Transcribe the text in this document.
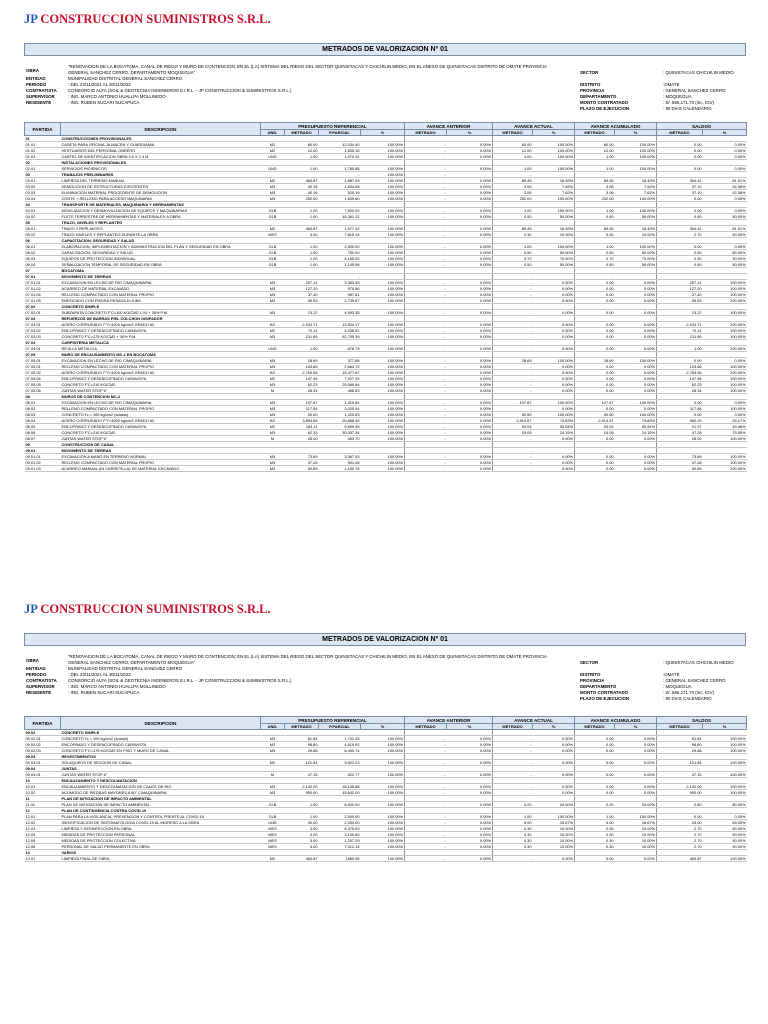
JP CONSTRUCCION SUMINISTROS S.R.L.
METRADOS DE VALORIZACION Nº 01
OBRA
"RENOVACION DE LA BOCATOMA, CANAL DE RIEGO Y MURO DE CONTENCION; EN EL (LA) SISTEMA DEL RIEGO DEL SECTOR QUINISTACAS Y CHICHILIN MEDIO, EN EL ANEXO DE QUINISTACAS DISTRITO DE OMATE PROVINCIA GENERAL SANCHEZ CERRO, DEPARTAMENTO MOQUEGUA"
ENTIDAD	MUNIPALIDAD DISTRITAL GENERAL SANCHEZ CERRO
PERIODO	: DEL 23/11/2021 AL 30/11/2022
CONTRATISTA	CONSORCIO ALFA (SOIL & GEOTECNIA INGENIEROS E.I.R.L. - JP CONSTRUCCION & SUMINISTROS S.R.L.)
SUPERVISOR	: ING. MARCO ANTONIO HUALLPA MOLLINEDO
RESIDENTE	: ING. RUBEN SUCARI SUCAPUCA
SECTOR	: QUINISTACAS CHICHILIN MEDIO
DISTRITO	:OMATE
PROVINCIA	: GENERAL SANCHEZ CERRO
DEPARTAMENTO	: MOQUEGUA
MONTO CONTRATADO	: S/. 566,171.73 (Inc. IGV)
PLAZO DE EJECUCION	: 90 DIAS CALENDARIO
PARTIDA	DESCRIPCION	PRESUPUESTO REFERENCIAL				AVANCE ANTERIOR		AVANCE ACTUAL		AVANCE ACUMULADO		SALDOS	
		UND.	METRADO	P.PARCIAL	%	METRADO	%	METRADO	%	METRADO	%	METRADO	%
01	CONSTRUCCIONES PROVISIONALES												
01.01	CASETA PARA OFICINA, ALMACEN Y GUARDIANIA	M2	80.00	12,034.40	100.00%	-	0.00%	80.00	100.00%	80.00	100.00%	0.00	0.00%
01.02	VESTUARIOS DEL PERSONAL OBRERO	M2	12.00	1,805.16	100.00%	-	0.00%	12.00	100.00%	12.00	100.00%	0.00	0.00%
01.03	CARTEL DE IDENTIFICACION OBRA 3.6 X 2.4 M	UND	1.00	1,079.32	100.00%	-	0.00%	1.00	100.00%	1.00	100.00%	0.00	0.00%
02	INSTALACIONES PROVISIONALES												
02.01	SERVICIOS HIGIENICOS	UND	1.00	1,785.86	100.00%	-	0.00%	1.00	100.00%	1.00	100.00%	0.00	0.00%
03	TRABAJOS PRELIMINARES			-	100.00%	-		-		-			
03.01	LIMPIEZA DEL TERRENO MANUAL	M2	483.87	1,887.09	100.00%	-	0.00%	89.45	18.49%	89.45	18.49%	394.42	81.51%
03.02	DEMOLICION DE ESTRUCTURAS EXISTENTES	M3	40.16	1,604.08	100.00%	-	0.00%	3.06	7.62%	3.06	7.62%	37.10	92.38%
03.03	ELIMINACION MATERIAL PROCEDENTE DE DEMOLICION	M3	40.16	525.19	100.00%	-	0.00%	3.06	7.62%	3.06	7.62%	37.10	92.38%
03.04	CORTE + RELLENO PARA ACCESO MAQUINARIA	M3	252.00	1,839.60	100.00%	-	0.00%	252.00	100.00%	252.00	100.00%	0.00	0.00%
04	TRANSPORTE DE MATERIALES, MAQUINARIA Y HERRAMIENTAS												
04.01	MOVILIZACION Y DESMOVILIZACION DE EQUIPOS Y MAQUINARIAS	GLB	1.00	7,800.00	100.00%	-	0.00%	1.00	100.00%	1.00	100.00%	0.00	0.00%
04.02	FLETE TERRESTRE DE HERRAMIENTAS Y MATERIALES A OBRA	GLB	1.00	18,381.12	100.00%	-	0.00%	0.50	50.00%	0.50	50.00%	0.50	50.00%
05	TRAZO, NIVELES Y REPLANTEO												
05.01	TRAZO Y REPLANTEO	M2	483.87	1,577.42	100.00%	-	0.00%	89.45	18.49%	89.45	18.49%	394.42	81.51%
05.02	TRAZO NIVELES Y REPLANTEO DURANTE LA OBRA	MES	3.00	7,815.14	100.00%	-	0.00%	0.30	10.00%	0.30	10.00%	2.70	90.00%
06	CAPACITACION, SEGURIDAD Y SALUD												
06.01	ELABORACION, IMPLEMENTACION Y ADMINISTRACION DEL PLAN Y SEGURIDAD EN OBRA	GLB	1.00	2,500.00	100.00%	-	0.00%	1.00	100.00%	1.00	100.00%	0.00	0.00%
06.02	CAPACITACION, SEGURIDAD Y SALUD	GLB	1.00	750.00	100.00%	-	0.00%	0.50	50.00%	0.50	50.00%	0.50	50.00%
06.03	EQUIPOS DE PROTECCION INDIVIDUAL	GLB	1.00	4,165.00	100.00%	-	0.00%	0.70	70.00%	0.70	70.00%	0.30	30.00%
06.04	SEÑALIZACION TEMPORAL DE SEGURIDAD EN OBRA	GLB	1.00	1,145.96	100.00%	-	0.00%	0.50	50.00%	0.50	50.00%	0.50	50.00%
07	BOCATOMA												
07.01	MOVIMIENTO DE TIERRAS			-				-		-			
07.01.01	EXCAVACION EN LECHO DE RIO C/MAQUINARIA	M3	257.14	3,363.39	100.00%	-	0.00%	-	0.00%	0.00	0.00%	257.14	100.00%
07.01.02	ACARREO DE MATERIAL EXCAVADO	M3	127.20	970.56	100.00%	-	0.00%	-	0.00%	0.00	0.00%	127.20	100.00%
07.01.04	RELLENO COMPACTADO CON MATERIAL PROPIO	M3	37.40	987.81	100.00%	-	0.00%	-	0.00%	0.00	0.00%	37.40	100.00%
07.01.05	ENROCADO CON PIEDRA PESADA D=0.8M	M3	95.53	2,739.87	100.00%	-	0.00%	-	0.00%	0.00	0.00%	95.53	100.00%
07.02	CONCRETO SIMPLE												
07.02.01	SUBZAPATA CONCRETO F'C=100 KG/CM2 1:10 + 30% P.M.	M3	23.22	4,593.35	100.00%	-	0.00%	-	0.00%	0.00	0.00%	23.22	100.00%
07.03	REFUERZOS DE BARRAS P/EL COLCHON DISIPADOR												
07.03.01	ACERO CORRUGADO F'Y=4200 kg/cm2 GRADO 60	KG	2,533.71	13,524.17	100.00%	-	0.00%	-	0.00%	0.00	0.00%	2,533.71	100.00%
07.03.02	ENCOFRADO Y DESENCOFRADO CARAVISTA	M2	79.14	4,038.52	100.00%	-	0.00%	-	0.00%	0.00	0.00%	79.14	100.00%
07.03.03	CONCRETO F'C=175 KG/CM2 + 30% P.M.	M3	211.85	62,755.39	100.00%	-	0.00%	-	0.00%	0.00	0.00%	211.85	100.00%
07.04	CARPINTERIA METALICA												
07.04.01	REJILLA METALICA	UND	1.00	878.79	100.00%	-	0.00%	-	0.00%	0.00	0.00%	1.00	100.00%
07.05	MURO DE ENCAUSAMIENTO MC-1 EN BOCATOMA												
07.05.01	EXCAVACION EN LECHO DE RIO C/MAQUINARIA	M3	28.69	377.66	100.00%	-	0.00%	28.69	100.00%	28.69	100.00%	0.00	0.00%
07.05.01	RELLENO COMPACTADO CON MATERIAL PROPIO	M3	103.66	2,664.72	100.00%	-	0.00%	-	0.00%	0.00	0.00%	103.66	100.00%
07.05.02	ACERO CORRUGADO F'Y=4200 kg/cm2 GRADO 60	KG	2,763.56	15,377.67	100.00%	-	0.00%	-	0.00%	0.00	0.00%	2,763.56	100.00%
07.05.04	ENCOFRADO Y DESENCOFRADO CARAVISTA	M2	147.46	7,927.39	100.00%	-	0.00%	-	0.00%	0.00	0.00%	147.46	100.00%
07.05.05	CONCRETO F'C=210 KG/CM2	M3	52.23	25,589.84	100.00%	-	0.00%	-	0.00%	0.00	0.00%	52.23	100.00%
07.05.06	JUNTAS WATER STOP 6"	M	28.34	456.83	100.00%	-	0.00%	-	0.00%	0.00	0.00%	28.34	100.00%
08	MUROS DE CONTENCION MC-2												
08.01	EXCAVACION EN LECHO DE RIO C/MAQUINARIA	M3	107.67	1,410.84	100.00%	-	0.00%	107.67	100.00%	107.67	100.00%	0.00	0.00%
08.02	RELLENO COMPACTADO CON MATERIAL PROPIO	M3	117.84	3,020.44	100.00%	-	0.00%	-	0.00%	0.00	0.00%	117.84	100.00%
08.03	CONCRETO f'c = 100 kg/cm2 (solado)	M3	50.50	1,429.83	100.00%	-	0.00%	50.50	100.00%	50.50	100.00%	0.00	0.00%
08.04	ACERO CORRUGADO F'Y=4200 kg/cm2 GRADO 60	KG	3,894.86	25,868.49	100.00%	-	0.00%	2,914.57	74.83%	2,914.57	74.83%	980.29	25.17%
08.05	ENCOFRADO Y DESENCOFRADO CARAVISTA	M2	184.11	9,859.39	100.00%	-	0.00%	93.04	50.54%	93.04	50.54%	91.07	49.46%
08.06	CONCRETO F'C=210 KG/CM2	M3	62.33	30,337.34	100.00%	-	0.00%	15.05	24.15%	15.05	24.15%	47.28	75.85%
08.07	JUNTAS WATER STOP 6"	M	28.00	453.70	100.00%	-	0.00%	-	0.00%	0.00	0.00%	28.00	100.00%
09	CONSTRUCCION DE CANAL												
09.01	MOVIMIENTO DE TIERRAS			-				-		-			
09.01.01	EXCAVACION A MANO EN TERRENO NORMAL	M3	73.89	3,367.53	100.00%	-	0.00%	-	0.00%	0.00	0.00%	73.89	100.00%
09.01.02	RELLENO COMPACTADO CON MATERIAL PROPIO	M3	37.28	901.06	100.00%	-	0.00%	-	0.00%	0.00	0.00%	37.28	100.00%
09.01.03	ACARREO MANUAL (IN CARRETILLA) DE MATERIAL EXCAVADO	M3	50.89	1,159.76	100.00%	-	0.00%	-	0.00%	0.00	0.00%	50.89	100.00%
JP CONSTRUCCION SUMINISTROS S.R.L.
METRADOS DE VALORIZACION Nº 01
OBRA
"RENOVACION DE LA BOCATOMA, CANAL DE RIEGO Y MURO DE CONTENCION; EN EL (LA) SISTEMA DEL RIEGO DEL SECTOR QUINISTACAS Y CHICHILIN MEDIO, EN EL ANEXO DE QUINISTACAS DISTRITO DE OMATE PROVINCIA GENERAL SANCHEZ CERRO, DEPARTAMENTO MOQUEGUA"
ENTIDAD	MUNIPALIDAD DISTRITAL GENERAL SANCHEZ CERRO
PERIODO	: DEL 23/11/2021 AL 30/11/2022
CONTRATISTA	CONSORCIO ALFA (SOIL & GEOTECNIA INGENIEROS E.I.R.L. - JP CONSTRUCCION & SUMINISTROS S.R.L.)
SUPERVISOR	: ING. MARCO ANTONIO HUALLPA MOLLINEDO
RESIDENTE	: ING. RUBEN SUCARI SUCAPUCA
SECTOR	: QUINISTACAS CHICHILIN MEDIO
DISTRITO	:OMATE
PROVINCIA	: GENERAL SANCHEZ CERRO
DEPARTAMENTO	: MOQUEGUA
MONTO CONTRATADO	: S/. 566,171.73 (Inc. IGV)
PLAZO DE EJECUCION	: 90 DIAS CALENDARIO
PARTIDA	DESCRIPCION	PRESUPUESTO REFERENCIAL				AVANCE ANTERIOR		AVANCE ACTUAL		AVANCE ACUMULADO		SALDOS	
		UND.	METRADO	P.PARCIAL	%	METRADO	%	METRADO	%	METRADO	%	METRADO	%
09.02	CONCRETO SIMPLE												
09.02.01	CONCRETO f'c = 100 kg/cm2 (solado)	M3	61.84	1,741.33	100.00%	-	0.00%	-	0.00%	0.00	0.00%	61.84	100.00%
09.02.02	ENCOFRADO Y DESENCOFRADO CARAVISTA	M2	98.80	4,619.92	100.00%	-	0.00%	-	0.00%	0.00	0.00%	98.80	100.00%
09.02.03	CONCRETO F'C=175 KG/CM2 EN PISO Y MURO DE CANAL	M3	29.66	8,450.74	100.00%	-	0.00%	-	0.00%	0.00	0.00%	29.66	100.00%
09.03	REVESTIMIENTOS												
09.03.01	SOLAQUEOS DE SECCION DE CANAL	M2	121.84	3,922.03	100.00%	-	0.00%	-	0.00%	0.00	0.00%	121.84	100.00%
09.04	JUNTAS												
09.04.01	JUNTAS WATER STOP 6"	M	47.15	522.77	100.00%	-	0.00%	-	0.00%	0.00	0.00%	47.15	100.00%
10	ENCAUZAMIENTO Y DESCOLMATACION												
10.01	ENCAUZAMIENTO Y DESCOLMATACION DE CAUCE DE RIO	M3	2,142.00	28,145.88	100.00%	-	0.00%	-	0.00%	0.00	0.00%	2,142.00	100.00%
10.02	ACOMODO DE PIEDRAS MAYORES A 60" C/MAQUINARIA	M3	950.00	15,642.00	100.00%	-	0.00%	-	0.00%	0.00	0.00%	950.00	100.00%
11	PLAN DE MITIGACION DE IMPACTO AMBIENTAL												
11.01	PLAN DE MITIGACION DE IMPACTO AMBIENTAL	GLB	1.00	8,500.00	100.00%	-	0.00%	0.20	20.00%	0.20	20.00%	0.80	80.00%
12	PLAN DE CONTINGENCIA CONTRA COVID-19												
12.01	PLAN PARA LA VIGILANCIA, PREVENCION Y CONTROL FRENTE AL COVID-19	GLB	1.00	2,500.00	100.00%	-	0.00%	1.00	100.00%	1.00	100.00%	0.00	0.00%
12.02	IDENTIFICACION DE SINTOMATOLOGIA COVID-19 AL INGRESO A LA OBRA	UND	30.00	2,250.00	100.00%	-	0.00%	5.00	16.67%	5.00	16.67%	25.00	83.33%
12.03	LIMPIEZA Y DESINFECCION EN OBRA	MES	3.00	6,375.00	100.00%	-	0.00%	0.30	10.00%	0.30	10.00%	2.70	90.00%
12.04	MEDIDAS DE PROTECCION PERSONAL	MES	3.00	3,100.80	100.00%	-	0.00%	0.30	10.00%	0.30	10.00%	2.70	90.00%
12.05	MEDIDAS DE PROTECCION COLECTIVA	MES	3.00	1,207.29	100.00%	-	0.00%	0.30	10.00%	0.30	10.00%	2.70	90.00%
12.06	PERSONAL DE SALUD PERMANENTE EN OBRA	MES	3.00	7,012.14	100.00%	-	0.00%	0.30	10.00%	0.30	10.00%	2.70	90.00%
13	VARIOS												
13.01	LIMPIEZA FINAL DE OBRA	M2	483.87	1889.35	100.00%	-	0.00%	-	0.00%	0.00	0.00%	483.87	100.00%
